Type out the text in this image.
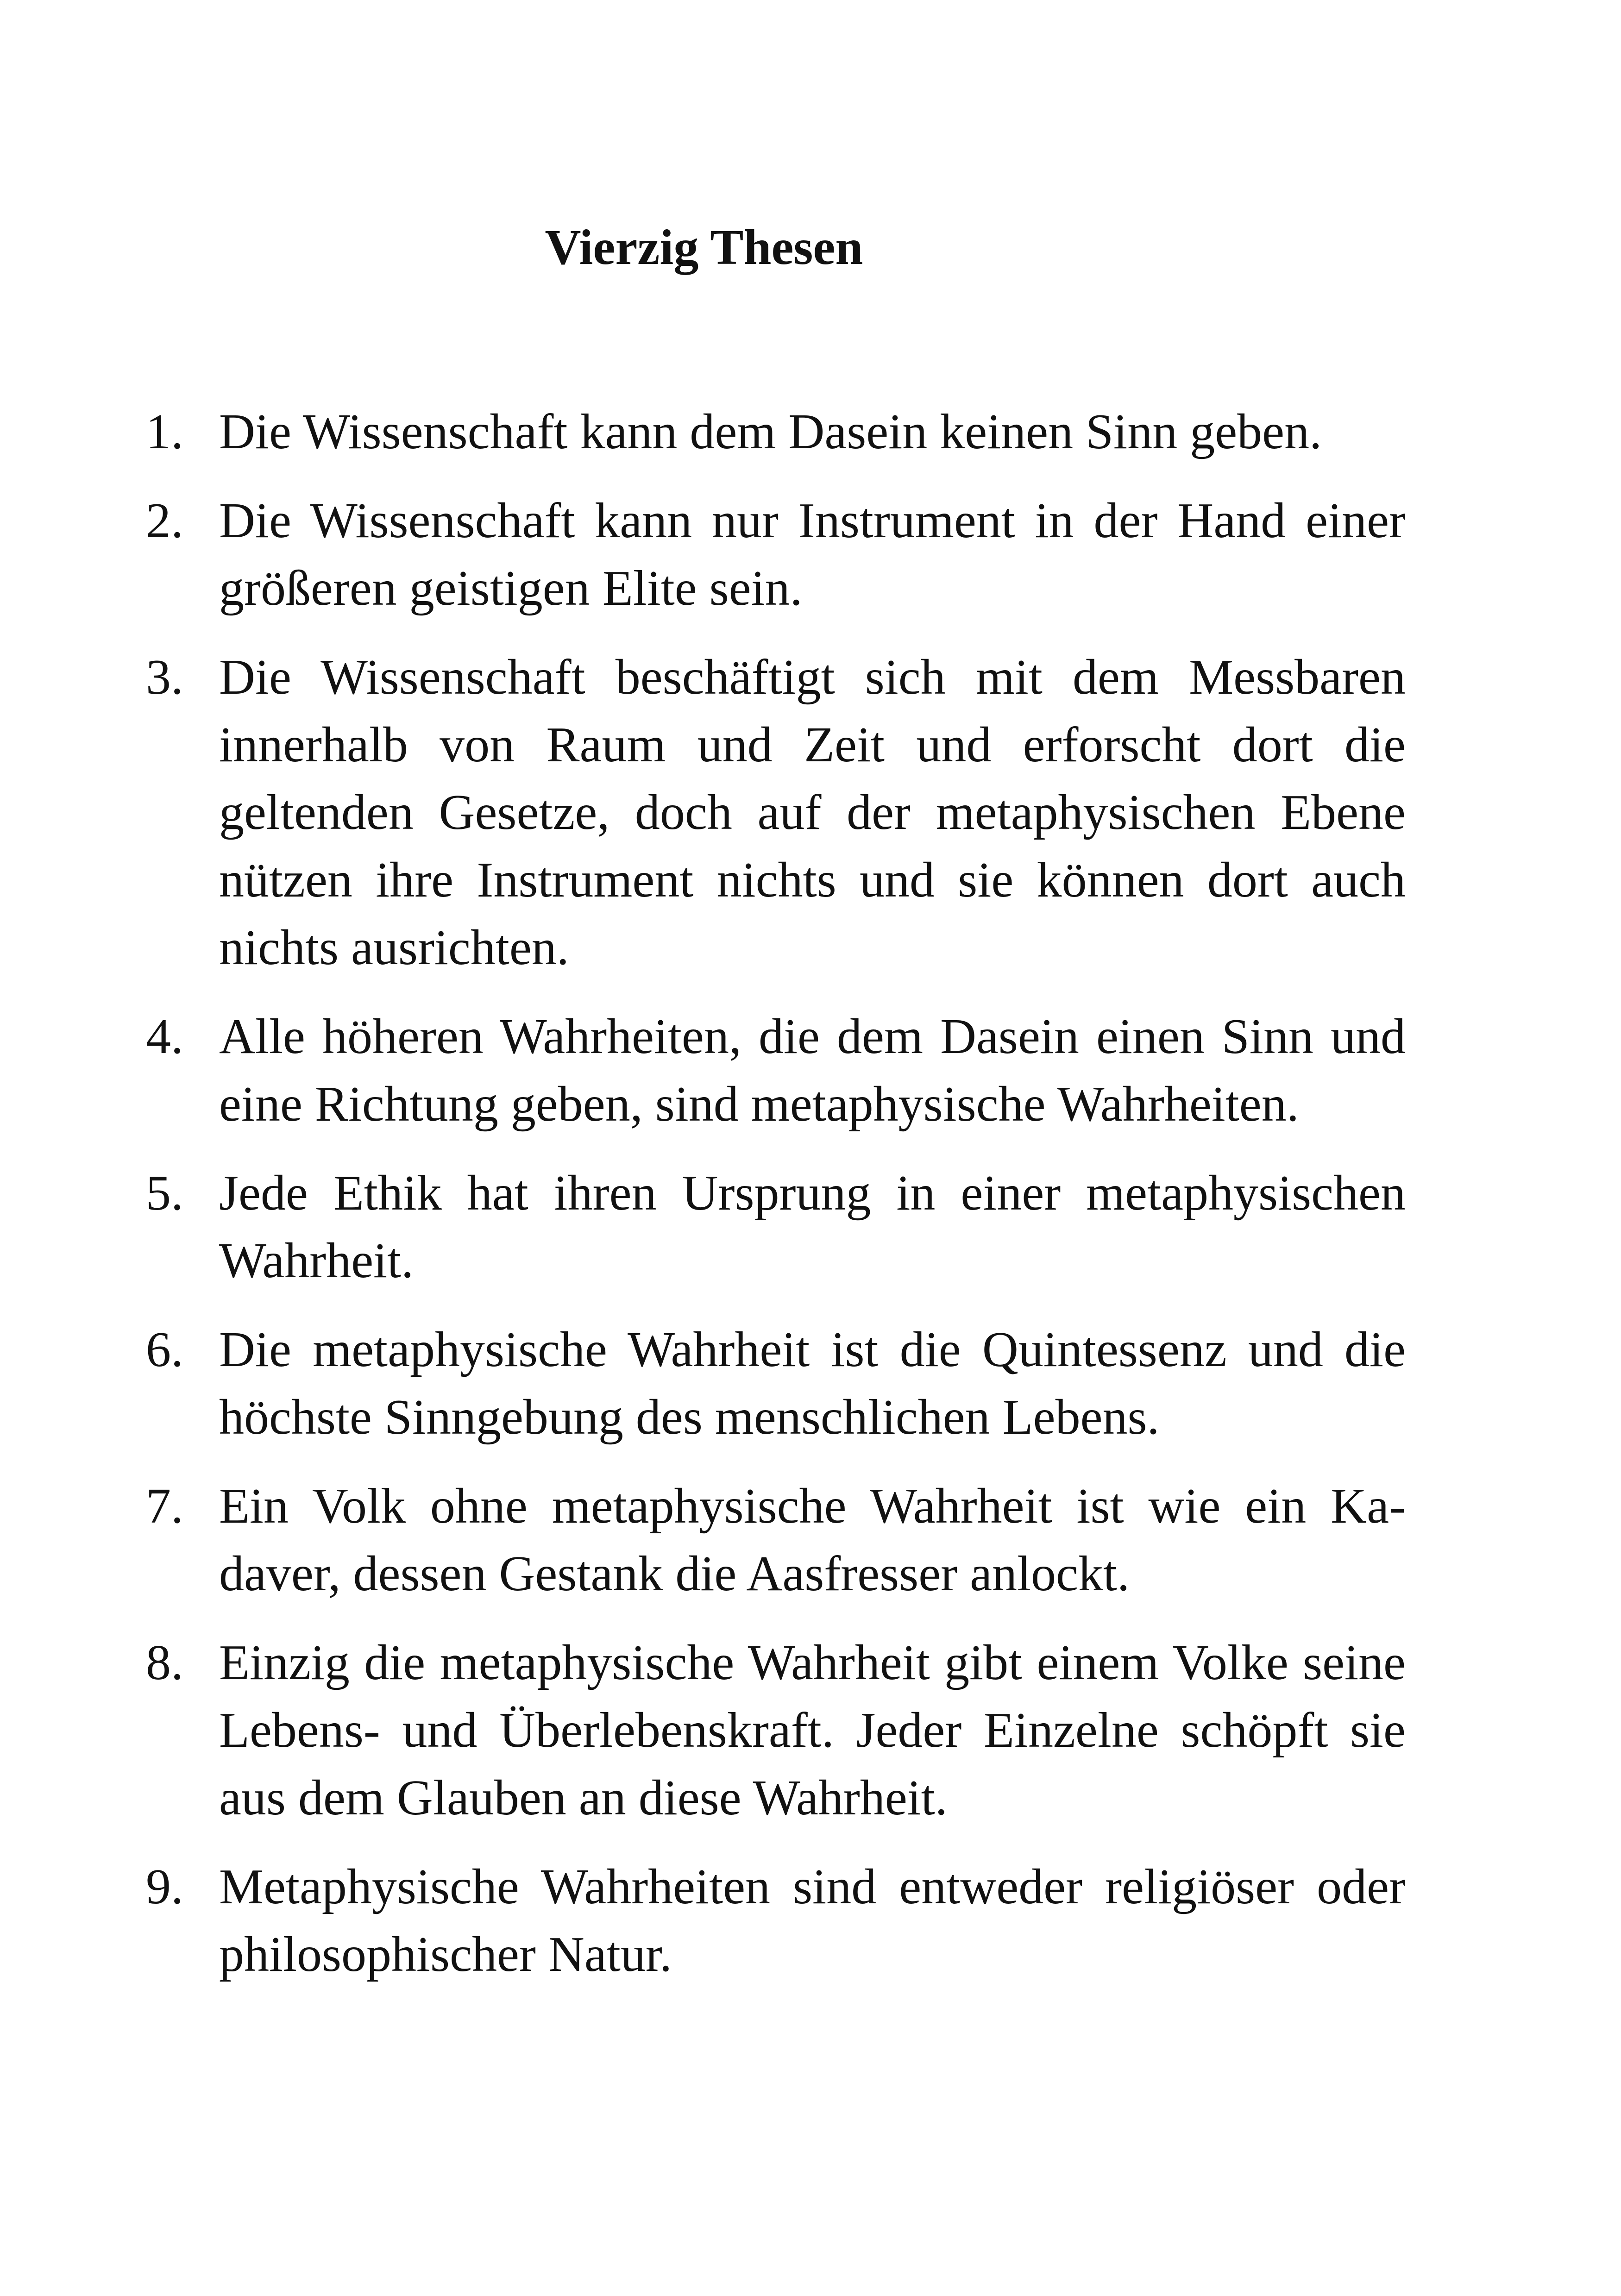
Vierzig Thesen
1. Die Wissenschaft kann dem Dasein keinen Sinn geben.
2. Die Wissenschaft kann nur Instrument in der Hand einer größeren geistigen Elite sein.
3. Die Wissenschaft beschäftigt sich mit dem Messbaren innerhalb von Raum und Zeit und erforscht dort die geltenden Gesetze, doch auf der metaphysischen Ebene nützen ihre Instrument nichts und sie können dort auch nichts ausrichten.
4. Alle höheren Wahrheiten, die dem Dasein einen Sinn und eine Richtung geben, sind metaphysische Wahrheiten.
5. Jede Ethik hat ihren Ursprung in einer metaphysischen Wahrheit.
6. Die metaphysische Wahrheit ist die Quintessenz und die höchste Sinngebung des menschlichen Lebens.
7. Ein Volk ohne metaphysische Wahrheit ist wie ein Kadaver, dessen Gestank die Aasfresser anlockt.
8. Einzig die metaphysische Wahrheit gibt einem Volke seine Lebens- und Überlebenskraft. Jeder Einzelne schöpft sie aus dem Glauben an diese Wahrheit.
9. Metaphysische Wahrheiten sind entweder religiöser oder philosophischer Natur.
